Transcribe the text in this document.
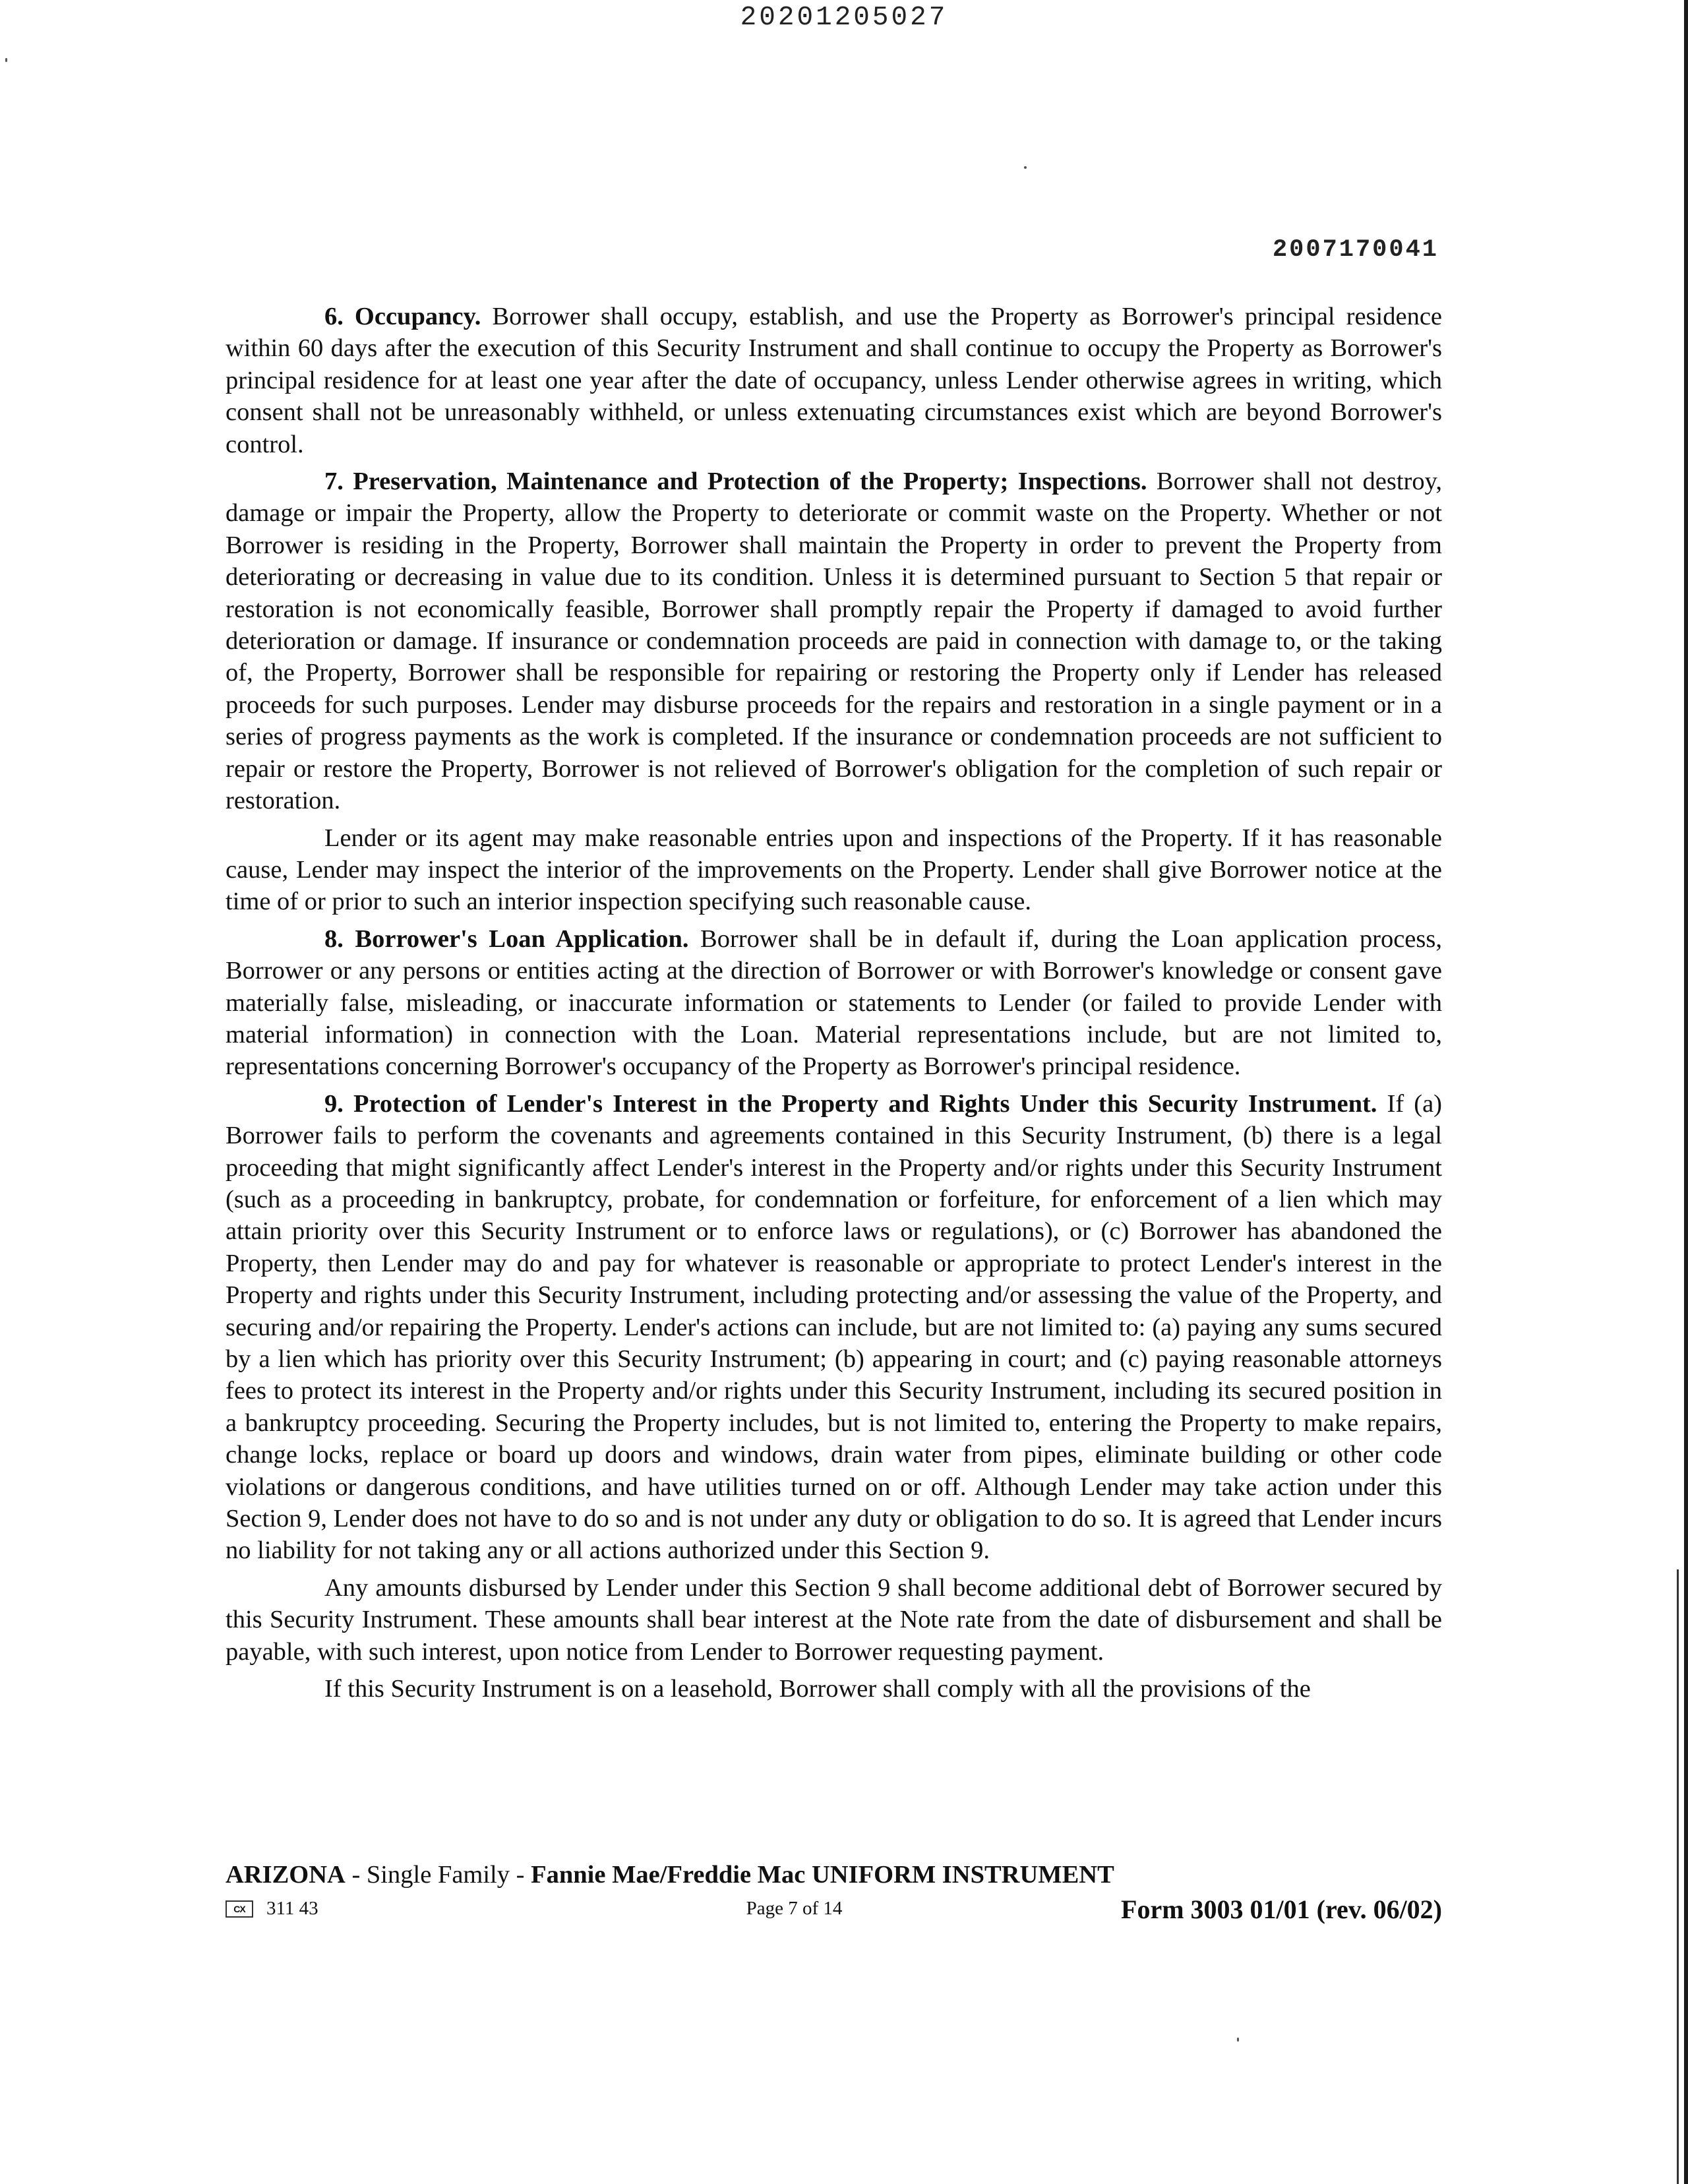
20201205027
2007170041

6. Occupancy. Borrower shall occupy, establish, and use the Property as Borrower's principal residence within 60 days after the execution of this Security Instrument and shall continue to occupy the Property as Borrower's principal residence for at least one year after the date of occupancy, unless Lender otherwise agrees in writing, which consent shall not be unreasonably withheld, or unless extenuating circumstances exist which are beyond Borrower's control.

7. Preservation, Maintenance and Protection of the Property; Inspections. Borrower shall not destroy, damage or impair the Property, allow the Property to deteriorate or commit waste on the Property. Whether or not Borrower is residing in the Property, Borrower shall maintain the Property in order to prevent the Property from deteriorating or decreasing in value due to its condition. Unless it is determined pursuant to Section 5 that repair or restoration is not economically feasible, Borrower shall promptly repair the Property if damaged to avoid further deterioration or damage. If insurance or condemnation proceeds are paid in connection with damage to, or the taking of, the Property, Borrower shall be responsible for repairing or restoring the Property only if Lender has released proceeds for such purposes. Lender may disburse proceeds for the repairs and restoration in a single payment or in a series of progress payments as the work is completed. If the insurance or condemnation proceeds are not sufficient to repair or restore the Property, Borrower is not relieved of Borrower's obligation for the completion of such repair or restoration.

Lender or its agent may make reasonable entries upon and inspections of the Property. If it has reasonable cause, Lender may inspect the interior of the improvements on the Property. Lender shall give Borrower notice at the time of or prior to such an interior inspection specifying such reasonable cause.

8. Borrower's Loan Application. Borrower shall be in default if, during the Loan application process, Borrower or any persons or entities acting at the direction of Borrower or with Borrower's knowledge or consent gave materially false, misleading, or inaccurate information or statements to Lender (or failed to provide Lender with material information) in connection with the Loan. Material representations include, but are not limited to, representations concerning Borrower's occupancy of the Property as Borrower's principal residence.

9. Protection of Lender's Interest in the Property and Rights Under this Security Instrument. If (a) Borrower fails to perform the covenants and agreements contained in this Security Instrument, (b) there is a legal proceeding that might significantly affect Lender's interest in the Property and/or rights under this Security Instrument (such as a proceeding in bankruptcy, probate, for condemnation or forfeiture, for enforcement of a lien which may attain priority over this Security Instrument or to enforce laws or regulations), or (c) Borrower has abandoned the Property, then Lender may do and pay for whatever is reasonable or appropriate to protect Lender's interest in the Property and rights under this Security Instrument, including protecting and/or assessing the value of the Property, and securing and/or repairing the Property. Lender's actions can include, but are not limited to: (a) paying any sums secured by a lien which has priority over this Security Instrument; (b) appearing in court; and (c) paying reasonable attorneys fees to protect its interest in the Property and/or rights under this Security Instrument, including its secured position in a bankruptcy proceeding. Securing the Property includes, but is not limited to, entering the Property to make repairs, change locks, replace or board up doors and windows, drain water from pipes, eliminate building or other code violations or dangerous conditions, and have utilities turned on or off. Although Lender may take action under this Section 9, Lender does not have to do so and is not under any duty or obligation to do so. It is agreed that Lender incurs no liability for not taking any or all actions authorized under this Section 9.

Any amounts disbursed by Lender under this Section 9 shall become additional debt of Borrower secured by this Security Instrument. These amounts shall bear interest at the Note rate from the date of disbursement and shall be payable, with such interest, upon notice from Lender to Borrower requesting payment.

If this Security Instrument is on a leasehold, Borrower shall comply with all the provisions of the

ARIZONA - Single Family - Fannie Mae/Freddie Mac UNIFORM INSTRUMENT
CX	311 43	Page 7 of 14	Form 3003 01/01 (rev. 06/02)
